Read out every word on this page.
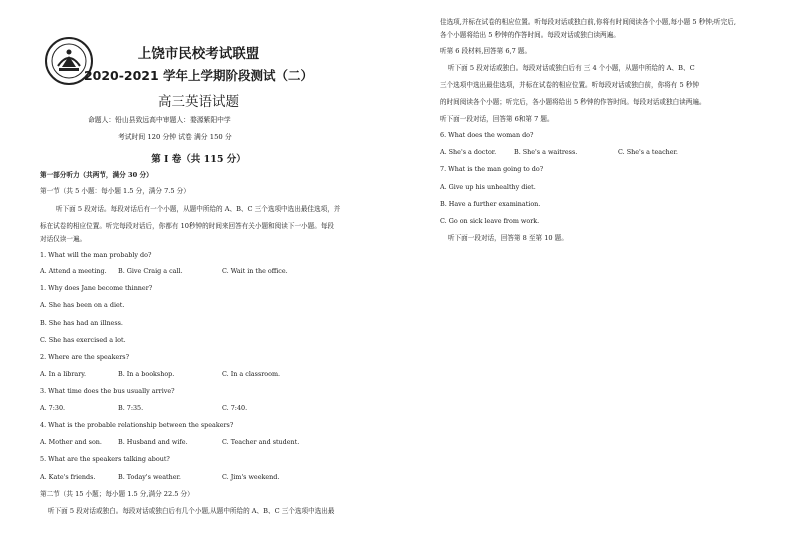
上饶市民校考试联盟
2020-2021 学年上学期阶段测试（二）
高三英语试题
命题人：铅山县致远高中审题人：婺源紫阳中学
考试时间 120 分钟 试卷 满分 150 分
第 I 卷（共 115 分）
第一部分听力（共两节，满分 30 分）
第一节（共 5 小题：每小题 1.5 分，满分 7.5 分）
听下面 5 段对话。每段对话后有一个小题，从题中所给的 A、B、C 三个选项中选出最佳选项，并
标在试卷的相应位置。听完每段对话后，你都有 10秒钟的时间来回答有关小题和阅读下一小题。每段
对话仅读一遍。
1. What will the man probably do?
A. Attend a meeting. B. Give Craig a call.	C. Wait in the office.
1. Why does Jane become thinner?
A. She has been on a diet.
B. She has had an illness.
C. She has exercised a lot.
2. Where are the speakers?
A. In a library.	B. In a bookshop.	C. In a classroom.
3. What time does the bus usually arrive?
A. 7:30.	B. 7:35.	C. 7:40.
4. What is the probable relationship between the speakers?
A. Mother and son.	B. Husband and wife.	C. Teacher and student.
5. What are the speakers talking about?
A. Kate's friends.	B. Today's weather.	C. Jim's weekend.
第二节（共 15 小题；每小题 1.5 分,满分 22.5 分）
听下面 5 段对话或独白。每段对话或独白后有几个小题,从题中所给的 A、B、C 三个选项中选出最
佳选项,并标在试卷的相应位置。听每段对话或独白前,你将有时间阅读各个小题,每小题 5 秒钟;听完后,
各个小题将给出 5 秒钟的作答时间。每段对话或独白读两遍。
听第 6 段材料,回答第 6,7 题。
听下面 5 段对话或独白。每段对话或独白后有 三 4 个小题，从题中所给的 A、B、C
三个选项中选出最佳选项，并标在试卷的相应位置。听每段对话或独白前，你将有 5 秒钟
的时间阅读各个小题；听完后，各小题将给出 5 秒钟的作答时间。每段对话或独白读两遍。
听下面一段对话，回答第 6和第 7 题。
6. What does the woman do?
A. She's a doctor.	B. She's a waitress.	C. She's a teacher.
7. What is the man going to do?
A. Give up his unhealthy diet.
B. Have a further examination.
C. Go on sick leave from work.
听下面一段对话，回答第 8 至第 10 题。
